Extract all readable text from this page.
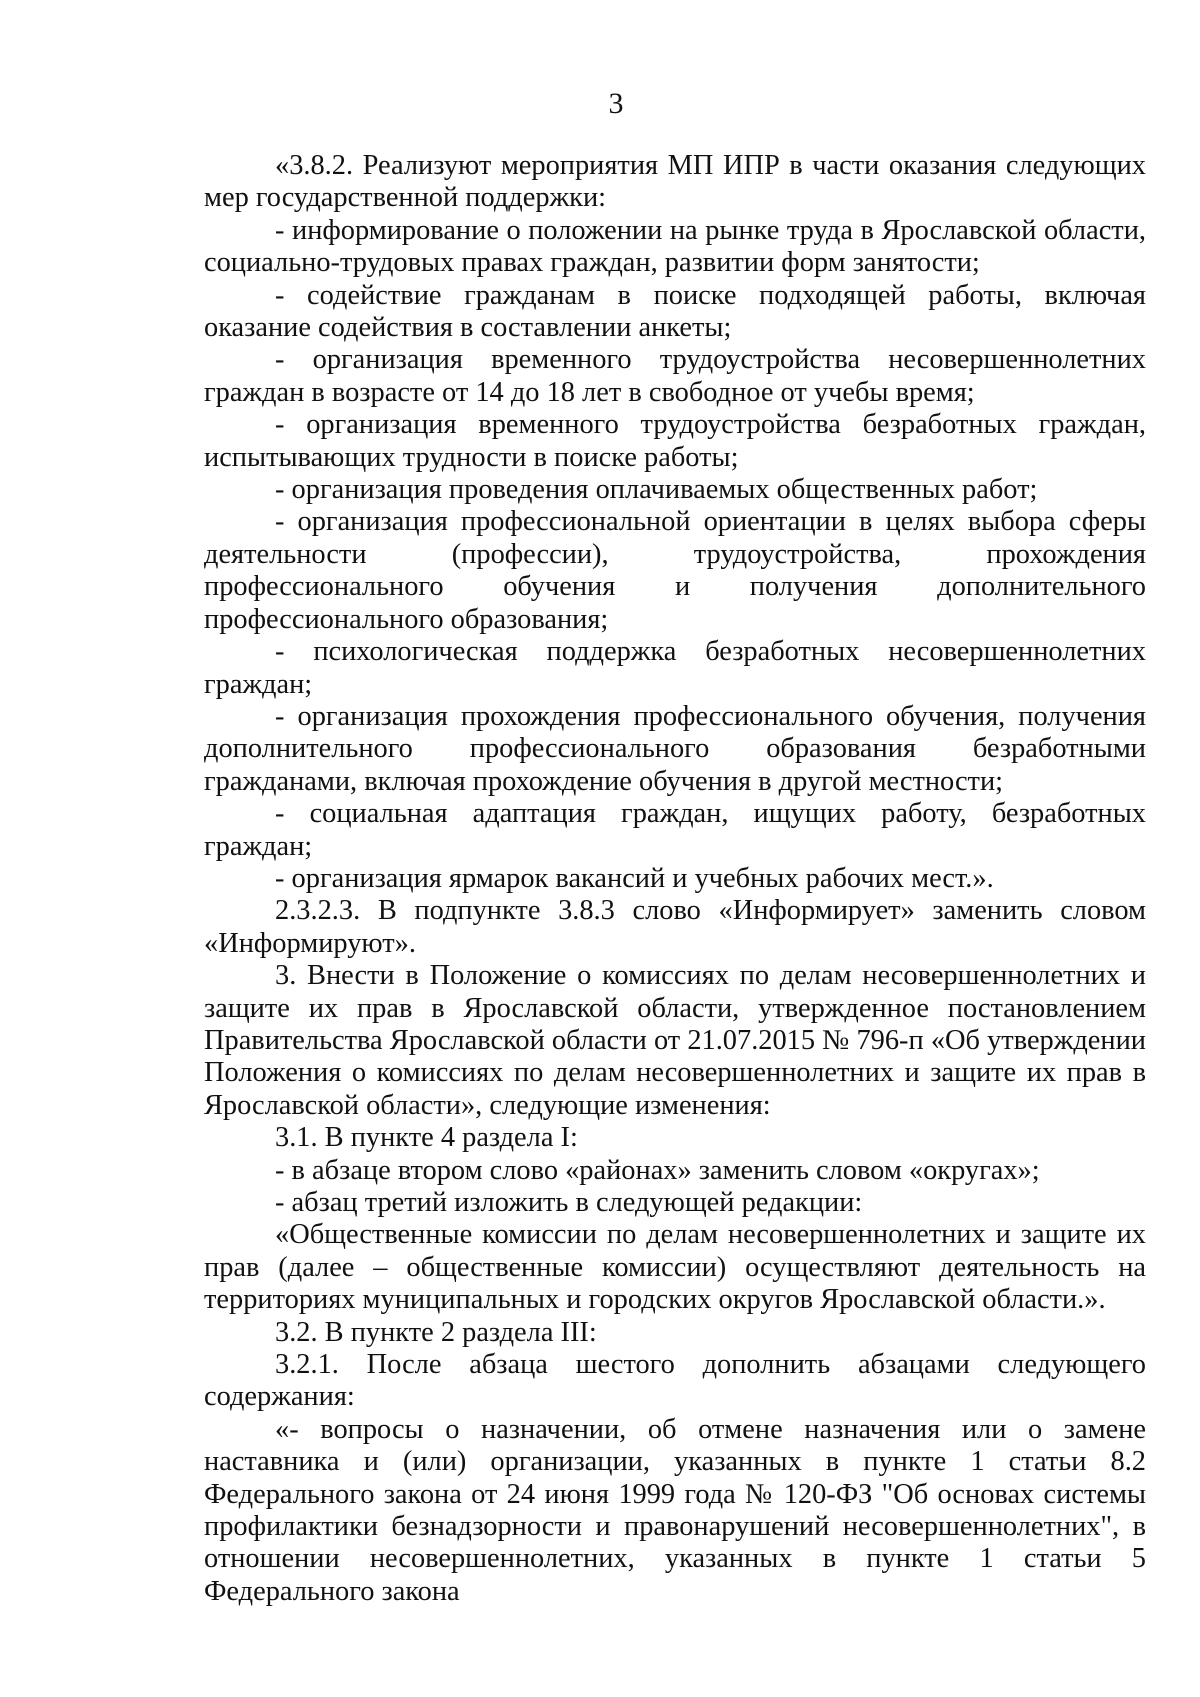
3

«3.8.2. Реализуют мероприятия МП ИПР в части оказания следующих мер государственной поддержки:

- информирование о положении на рынке труда в Ярославской области, социально-трудовых правах граждан, развитии форм занятости;

- содействие гражданам в поиске подходящей работы, включая оказание содействия в составлении анкеты;

- организация временного трудоустройства несовершеннолетних граждан в возрасте от 14 до 18 лет в свободное от учебы время;

- организация временного трудоустройства безработных граждан, испытывающих трудности в поиске работы;

- организация проведения оплачиваемых общественных работ;

- организация профессиональной ориентации в целях выбора сферы деятельности (профессии), трудоустройства, прохождения профессионального обучения и получения дополнительного профессионального образования;

- психологическая поддержка безработных несовершеннолетних граждан;

- организация прохождения профессионального обучения, получения дополнительного профессионального образования безработными гражданами, включая прохождение обучения в другой местности;

- социальная адаптация граждан, ищущих работу, безработных граждан;

- организация ярмарок вакансий и учебных рабочих мест.».

2.3.2.3. В подпункте 3.8.3 слово «Информирует» заменить словом «Информируют».

3. Внести в Положение о комиссиях по делам несовершеннолетних и защите их прав в Ярославской области, утвержденное постановлением Правительства Ярославской области от 21.07.2015 № 796-п «Об утверждении Положения о комиссиях по делам несовершеннолетних и защите их прав в Ярославской области», следующие изменения:

3.1. В пункте 4 раздела I:

- в абзаце втором слово «районах» заменить словом «округах»;

- абзац третий изложить в следующей редакции:

«Общественные комиссии по делам несовершеннолетних и защите их прав (далее – общественные комиссии) осуществляют деятельность на территориях муниципальных и городских округов Ярославской области.».

3.2. В пункте 2 раздела III:

3.2.1. После абзаца шестого дополнить абзацами следующего содержания:

«- вопросы о назначении, об отмене назначения или о замене наставника и (или) организации, указанных в пункте 1 статьи 8.2 Федерального закона от 24 июня 1999 года № 120-ФЗ "Об основах системы профилактики безнадзорности и правонарушений несовершеннолетних", в отношении несовершеннолетних, указанных в пункте 1 статьи 5 Федерального закона
